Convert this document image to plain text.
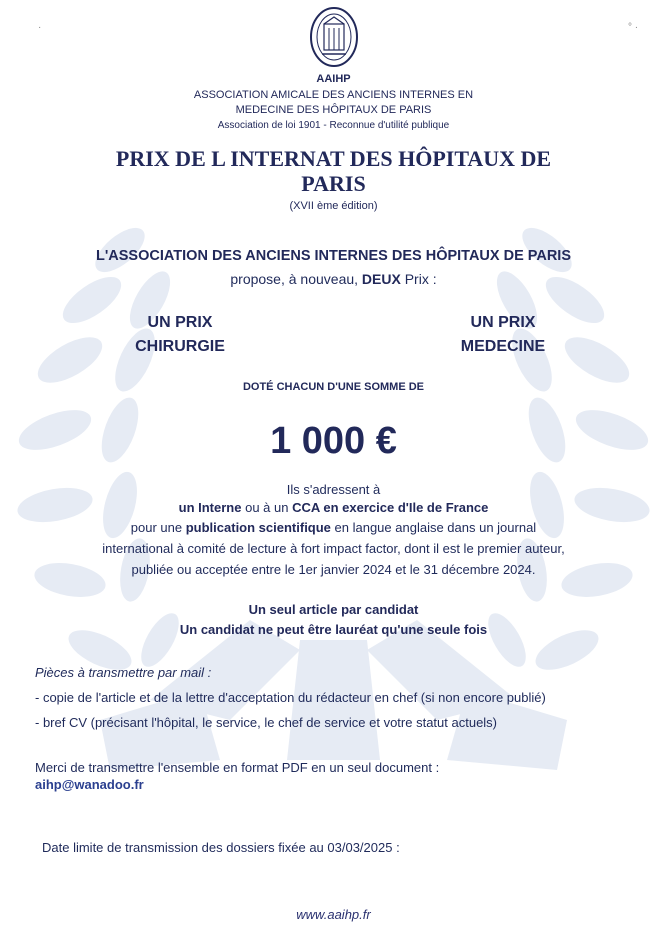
·	° ·
AAIHP
ASSOCIATION AMICALE DES ANCIENS INTERNES EN
MEDECINE DES HÔPITAUX DE PARIS
Association de loi 1901 - Reconnue d'utilité publique
PRIX DE L INTERNAT DES HÔPITAUX DE
PARIS
(XVII ème édition)
L'ASSOCIATION DES ANCIENS INTERNES DES HÔPITAUX DE PARIS
propose, à nouveau, DEUX Prix :
UN PRIX
CHIRURGIE
UN PRIX
MEDECINE
DOTÉ CHACUN D'UNE SOMME DE
1 000 €
Ils s'adressent à
un Interne ou à un CCA en exercice d'Ile de France
pour une publication scientifique en langue anglaise dans un journal
international à comité de lecture à fort impact factor, dont il est le premier auteur,
publiée ou acceptée entre le 1er janvier 2024 et le 31 décembre 2024.
Un seul article par candidat
Un candidat ne peut être lauréat qu'une seule fois
Pièces à transmettre par mail :
- copie de l'article et de la lettre d'acceptation du rédacteur en chef (si non encore publié)
- bref CV (précisant l'hôpital, le service, le chef de service et votre statut actuels)
Merci de transmettre l'ensemble en format PDF en un seul document :
aihp@wanadoo.fr
Date limite de transmission des dossiers fixée au 03/03/2025 :
www.aaihp.fr
